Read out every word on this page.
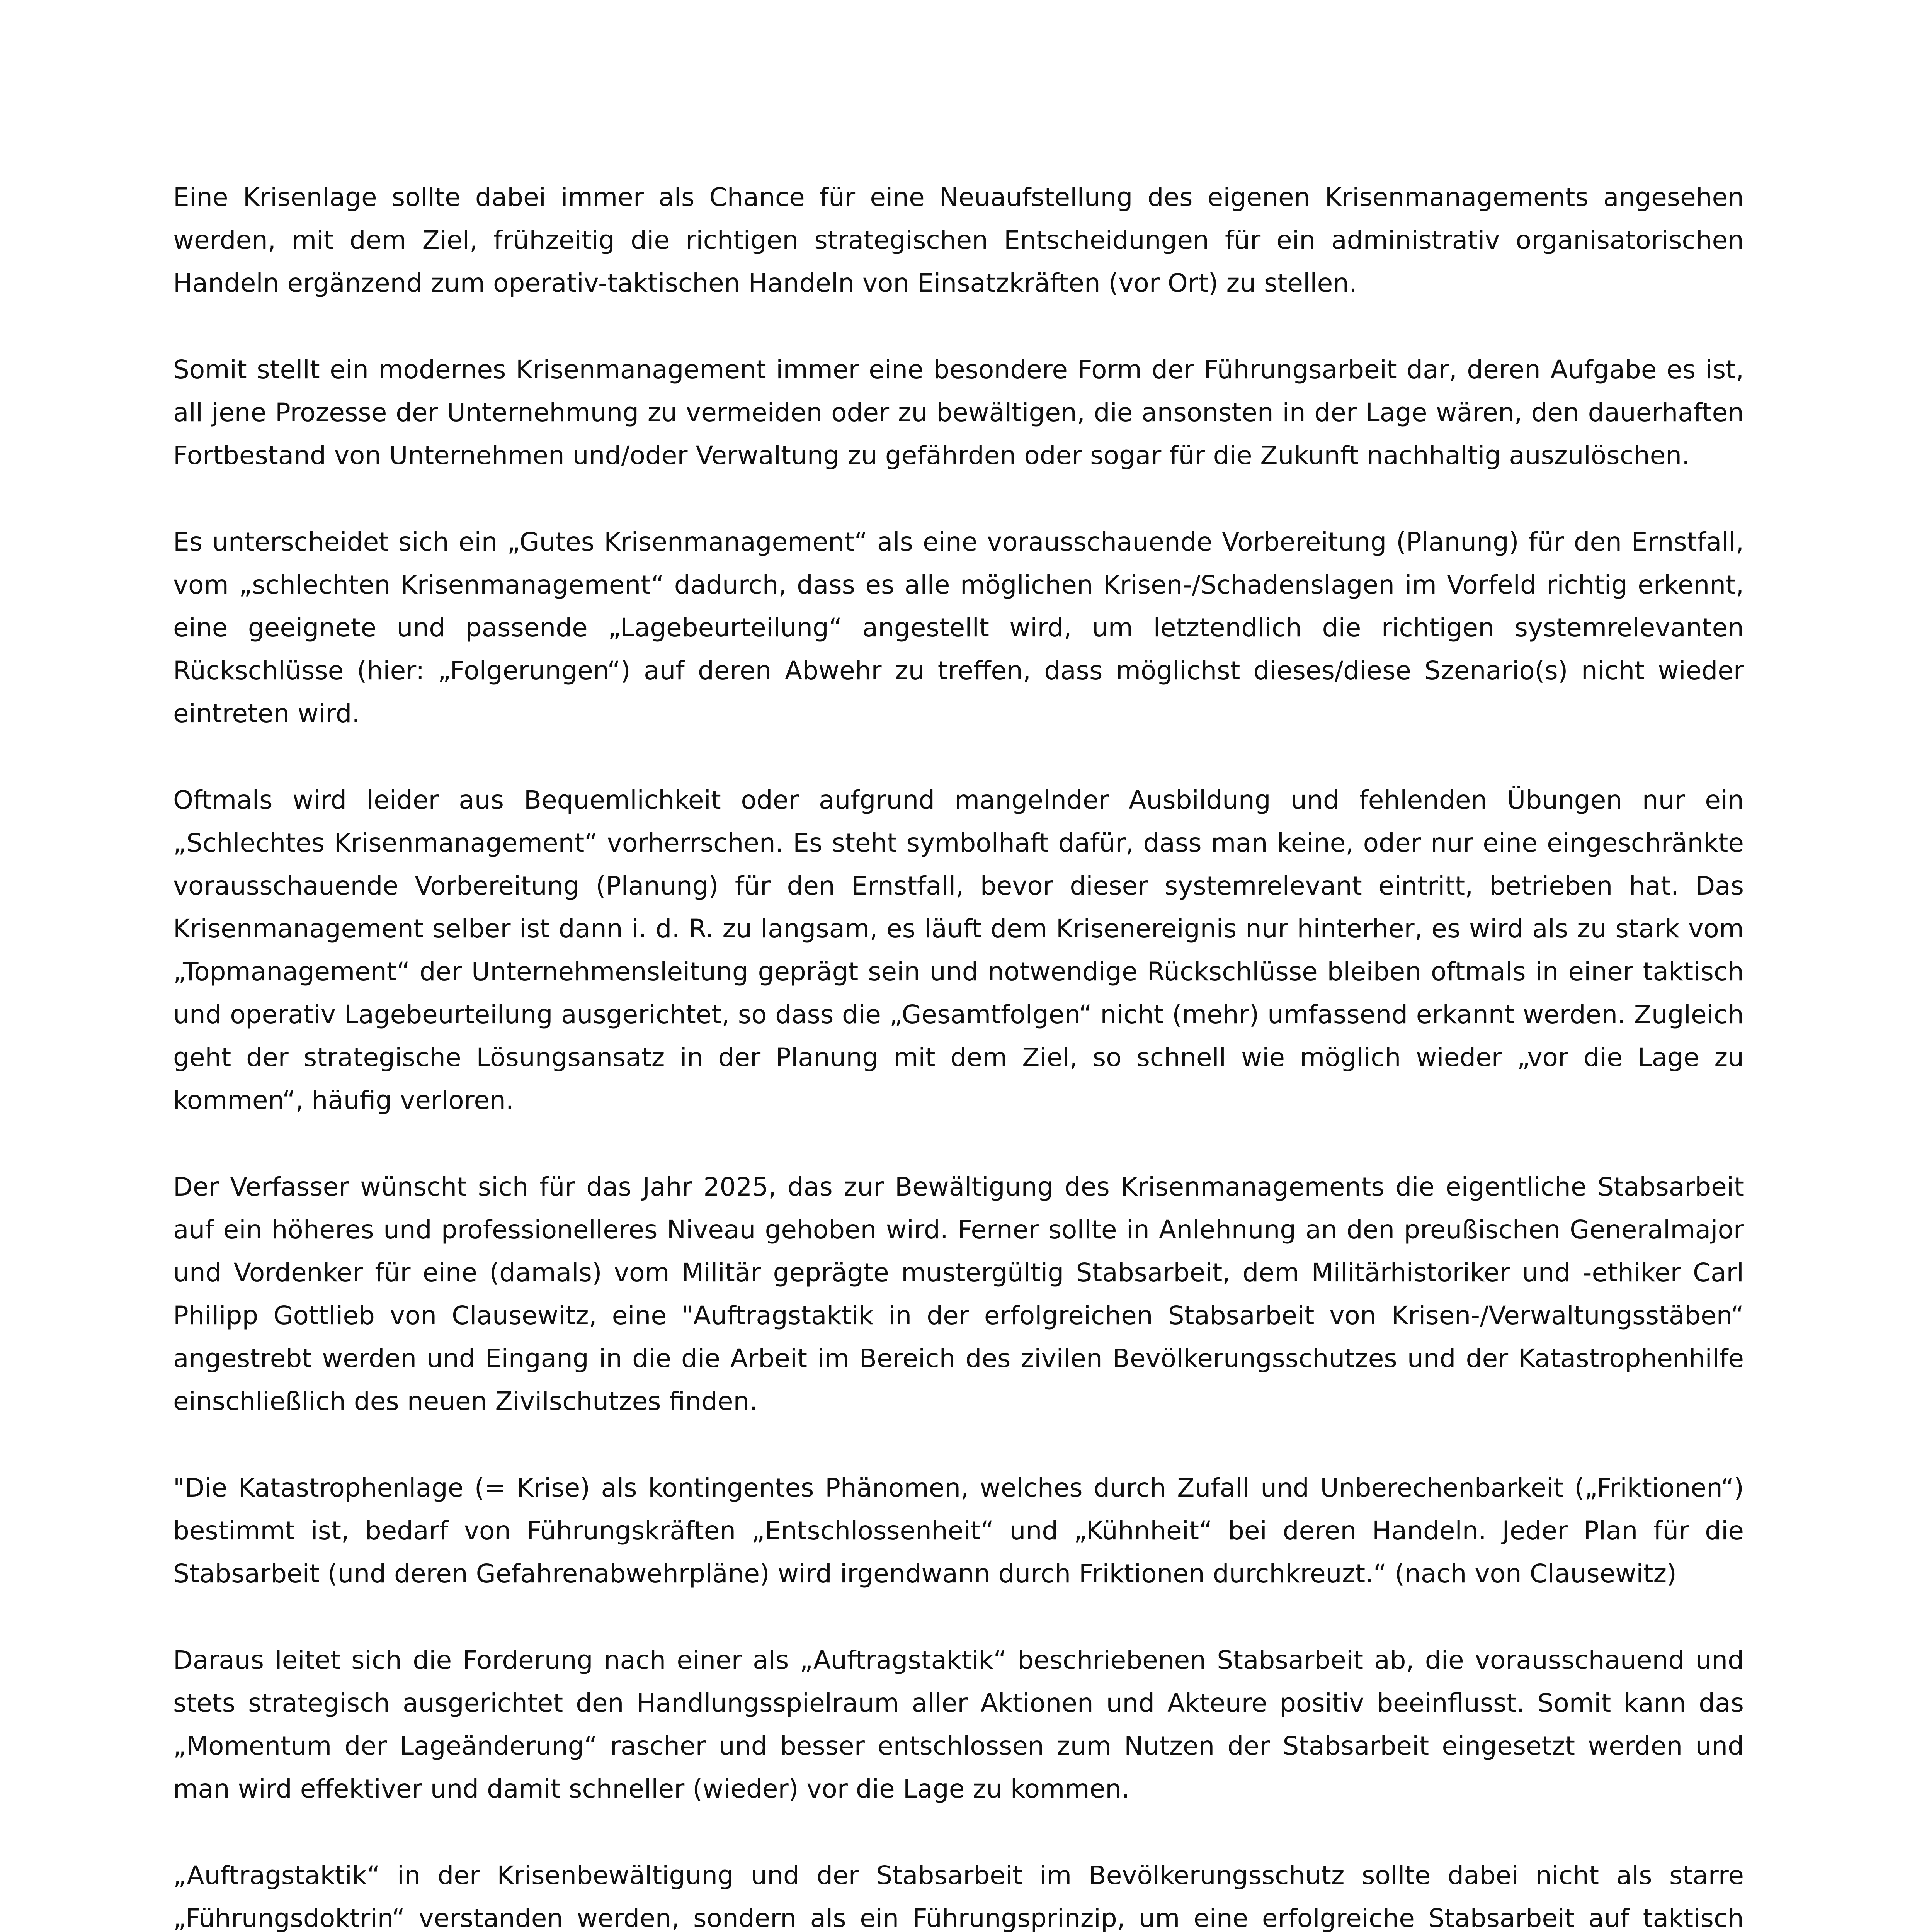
Eine Krisenlage sollte dabei immer als Chance für eine Neuaufstellung des eigenen Krisenmanagements angesehen werden, mit dem Ziel, frühzeitig die richtigen strategischen Entscheidungen für ein administrativ organisatorischen Handeln ergänzend zum operativ-taktischen Handeln von Einsatzkräften (vor Ort) zu stellen.

Somit stellt ein modernes Krisenmanagement immer eine besondere Form der Führungsarbeit dar, deren Aufgabe es ist, all jene Prozesse der Unternehmung zu vermeiden oder zu bewältigen, die ansonsten in der Lage wären, den dauerhaften Fortbestand von Unternehmen und/oder Verwaltung zu gefährden oder sogar für die Zukunft nachhaltig auszulöschen.

Es unterscheidet sich ein „Gutes Krisenmanagement“ als eine vorausschauende Vorbereitung (Planung) für den Ernstfall, vom „schlechten Krisenmanagement“ dadurch, dass es alle möglichen Krisen-/Schadenslagen im Vorfeld richtig erkennt, eine geeignete und passende „Lagebeurteilung“ angestellt wird, um letztendlich die richtigen systemrelevanten Rückschlüsse (hier: „Folgerungen“) auf deren Abwehr zu treffen, dass möglichst dieses/diese Szenario(s) nicht wieder eintreten wird.

Oftmals wird leider aus Bequemlichkeit oder aufgrund mangelnder Ausbildung und fehlenden Übungen nur ein „Schlechtes Krisenmanagement“ vorherrschen. Es steht symbolhaft dafür, dass man keine, oder nur eine eingeschränkte vorausschauende Vorbereitung (Planung) für den Ernstfall, bevor dieser systemrelevant eintritt, betrieben hat. Das Krisenmanagement selber ist dann i. d. R. zu langsam, es läuft dem Krisenereignis nur hinterher, es wird als zu stark vom „Topmanagement“ der Unternehmensleitung geprägt sein und notwendige Rückschlüsse bleiben oftmals in einer taktisch und operativ Lagebeurteilung ausgerichtet, so dass die „Gesamtfolgen“ nicht (mehr) umfassend erkannt werden. Zugleich geht der strategische Lösungsansatz in der Planung mit dem Ziel, so schnell wie möglich wieder „vor die Lage zu kommen“, häufig verloren.

Der Verfasser wünscht sich für das Jahr 2025, das zur Bewältigung des Krisenmanagements die eigentliche Stabsarbeit auf ein höheres und professionelleres Niveau gehoben wird. Ferner sollte in Anlehnung an den preußischen Generalmajor und Vordenker für eine (damals) vom Militär geprägte mustergültig Stabsarbeit, dem Militärhistoriker und -ethiker Carl Philipp Gottlieb von Clausewitz, eine "Auftragstaktik in der erfolgreichen Stabsarbeit von Krisen-/Verwaltungsstäben“ angestrebt werden und Eingang in die die Arbeit im Bereich des zivilen Bevölkerungsschutzes und der Katastrophenhilfe einschließlich des neuen Zivilschutzes finden.

"Die Katastrophenlage (= Krise) als kontingentes Phänomen, welches durch Zufall und Unberechenbarkeit („Friktionen“) bestimmt ist, bedarf von Führungskräften „Entschlossenheit“ und „Kühnheit“ bei deren Handeln. Jeder Plan für die Stabsarbeit (und deren Gefahrenabwehrpläne) wird irgendwann durch Friktionen durchkreuzt.“ (nach von Clausewitz)

Daraus leitet sich die Forderung nach einer als „Auftragstaktik“ beschriebenen Stabsarbeit ab, die vorausschauend und stets strategisch ausgerichtet den Handlungsspielraum aller Aktionen und Akteure positiv beeinflusst. Somit kann das „Momentum der Lageänderung“ rascher und besser entschlossen zum Nutzen der Stabsarbeit eingesetzt werden und man wird effektiver und damit schneller (wieder) vor die Lage zu kommen.

„Auftragstaktik“ in der Krisenbewältigung und der Stabsarbeit im Bevölkerungsschutz sollte dabei nicht als starre „Führungsdoktrin“ verstanden werden, sondern als ein Führungsprinzip, um eine erfolgreiche Stabsarbeit auf taktisch
